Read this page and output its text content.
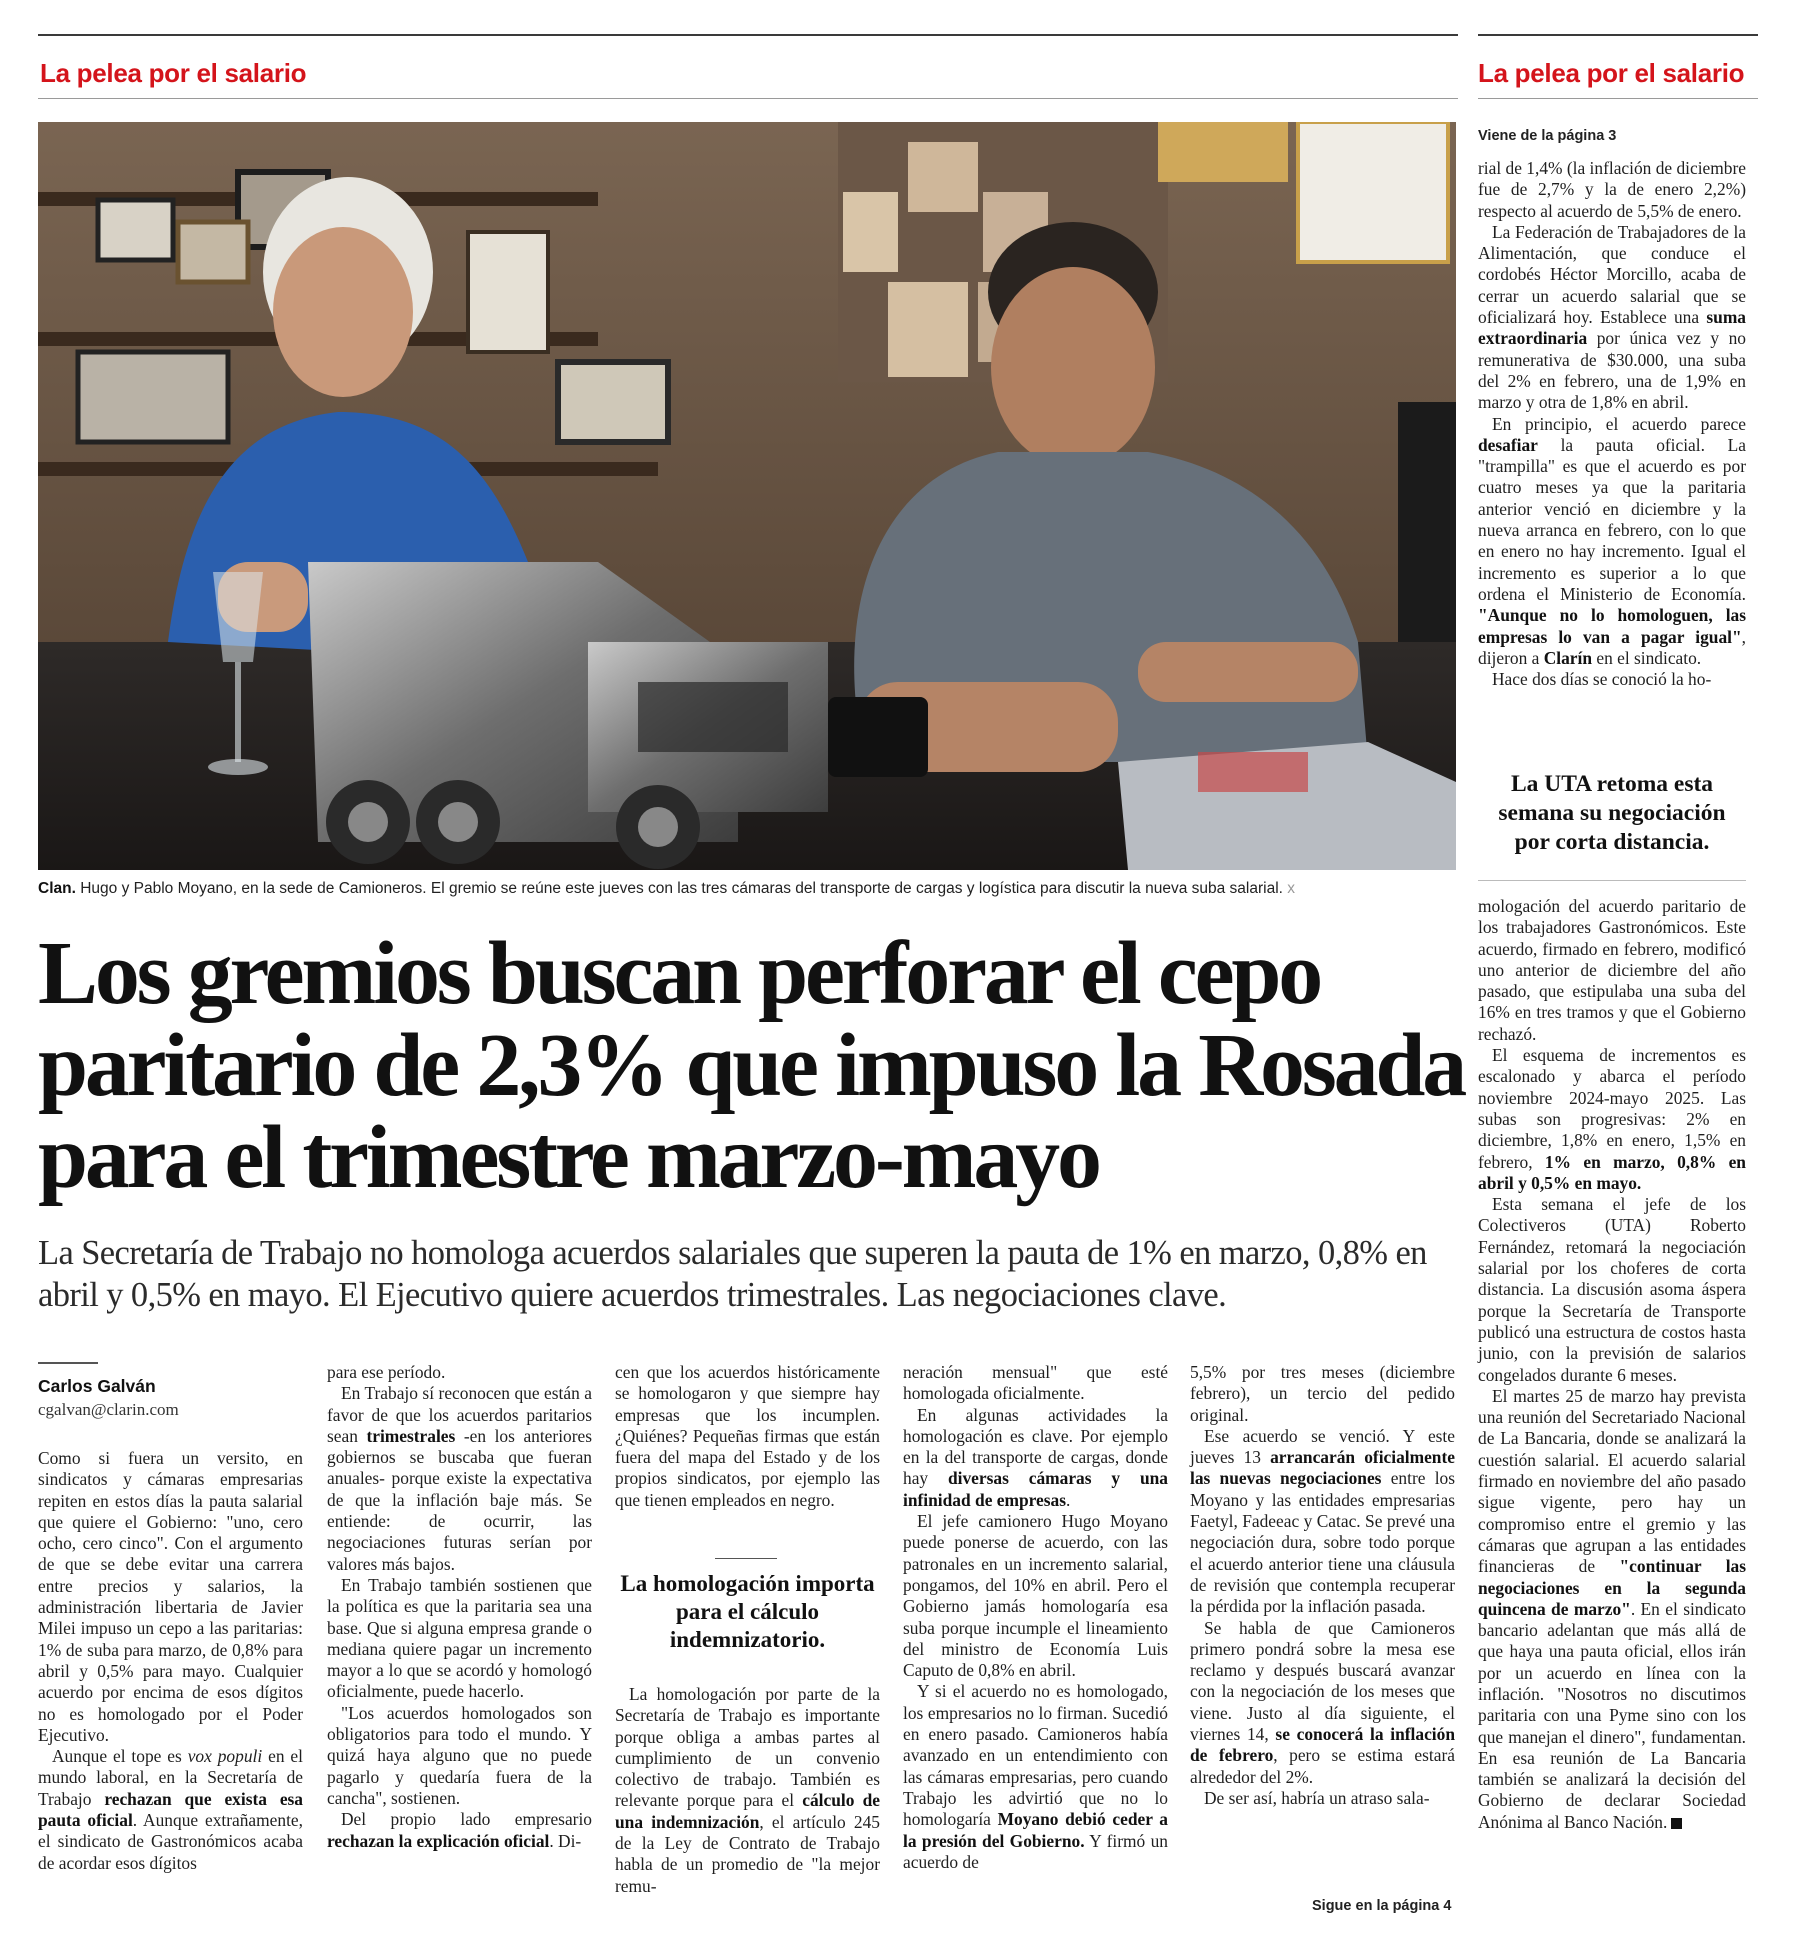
La pelea por el salario	La pelea por el salario
Clan. Hugo y Pablo Moyano, en la sede de Camioneros. El gremio se reúne este jueves con las tres cámaras del transporte de cargas y logística para discutir la nueva suba salarial. x
Los gremios buscan perforar el cepo paritario de 2,3% que impuso la Rosada para el trimestre marzo-mayo

La Secretaría de Trabajo no homologa acuerdos salariales que superen la pauta de 1% en marzo, 0,8% en abril y 0,5% en mayo. El Ejecutivo quiere acuerdos trimestrales. Las negociaciones clave.

Carlos Galván
cgalvan@clarin.com

Como si fuera un versito, en sindicatos y cámaras empresarias repiten en estos días la pauta salarial que quiere el Gobierno: "uno, cero ocho, cero cinco". Con el argumento de que se debe evitar una carrera entre precios y salarios, la administración libertaria de Javier Milei impuso un cepo a las paritarias: 1% de suba para marzo, de 0,8% para abril y 0,5% para mayo. Cualquier acuerdo por encima de esos dígitos no es homologado por el Poder Ejecutivo.

Aunque el tope es vox populi en el mundo laboral, en la Secretaría de Trabajo rechazan que exista esa pauta oficial. Aunque extrañamente, el sindicato de Gastronómicos acaba de acordar esos dígitos

para ese período.

En Trabajo sí reconocen que están a favor de que los acuerdos paritarios sean trimestrales -en los anteriores gobiernos se buscaba que fueran anuales- porque existe la expectativa de que la inflación baje más. Se entiende: de ocurrir, las negociaciones futuras serían por valores más bajos.

En Trabajo también sostienen que la política es que la paritaria sea una base. Que si alguna empresa grande o mediana quiere pagar un incremento mayor a lo que se acordó y homologó oficialmente, puede hacerlo.

"Los acuerdos homologados son obligatorios para todo el mundo. Y quizá haya alguno que no puede pagarlo y quedaría fuera de la cancha", sostienen.

Del propio lado empresario rechazan la explicación oficial. Di-

cen que los acuerdos históricamente se homologaron y que siempre hay empresas que los incumplen. ¿Quiénes? Pequeñas firmas que están fuera del mapa del Estado y de los propios sindicatos, por ejemplo las que tienen empleados en negro.

La homologación importa para el cálculo indemnizatorio.

La homologación por parte de la Secretaría de Trabajo es importante porque obliga a ambas partes al cumplimiento de un convenio colectivo de trabajo. También es relevante porque para el cálculo de una indemnización, el artículo 245 de la Ley de Contrato de Trabajo habla de un promedio de "la mejor remu-

neración mensual" que esté homologada oficialmente.

En algunas actividades la homologación es clave. Por ejemplo en la del transporte de cargas, donde hay diversas cámaras y una infinidad de empresas.

El jefe camionero Hugo Moyano puede ponerse de acuerdo, con las patronales en un incremento salarial, pongamos, del 10% en abril. Pero el Gobierno jamás homologaría esa suba porque incumple el lineamiento del ministro de Economía Luis Caputo de 0,8% en abril.

Y si el acuerdo no es homologado, los empresarios no lo firman. Sucedió en enero pasado. Camioneros había avanzado en un entendimiento con las cámaras empresarias, pero cuando Trabajo les advirtió que no lo homologaría Moyano debió ceder a la presión del Gobierno. Y firmó un acuerdo de

5,5% por tres meses (diciembre febrero), un tercio del pedido original.

Ese acuerdo se venció. Y este jueves 13 arrancarán oficialmente las nuevas negociaciones entre los Moyano y las entidades empresarias Faetyl, Fadeeac y Catac. Se prevé una negociación dura, sobre todo porque el acuerdo anterior tiene una cláusula de revisión que contempla recuperar la pérdida por la inflación pasada.

Se habla de que Camioneros primero pondrá sobre la mesa ese reclamo y después buscará avanzar con la negociación de los meses que viene. Justo al día siguiente, el viernes 14, se conocerá la inflación de febrero, pero se estima estará alrededor del 2%.

De ser así, habría un atraso sala-

Sigue en la página 4
Viene de la página 3

rial de 1,4% (la inflación de diciembre fue de 2,7% y la de enero 2,2%) respecto al acuerdo de 5,5% de enero.

La Federación de Trabajadores de la Alimentación, que conduce el cordobés Héctor Morcillo, acaba de cerrar un acuerdo salarial que se oficializará hoy. Establece una suma extraordinaria por única vez y no remunerativa de $30.000, una suba del 2% en febrero, una de 1,9% en marzo y otra de 1,8% en abril.

En principio, el acuerdo parece desafiar la pauta oficial. La "trampilla" es que el acuerdo es por cuatro meses ya que la paritaria anterior venció en diciembre y la nueva arranca en febrero, con lo que en enero no hay incremento. Igual el incremento es superior a lo que ordena el Ministerio de Economía. "Aunque no lo homologuen, las empresas lo van a pagar igual", dijeron a Clarín en el sindicato.

Hace dos días se conoció la ho-

La UTA retoma esta semana su negociación por corta distancia.

mologación del acuerdo paritario de los trabajadores Gastronómicos. Este acuerdo, firmado en febrero, modificó uno anterior de diciembre del año pasado, que estipulaba una suba del 16% en tres tramos y que el Gobierno rechazó.

El esquema de incrementos es escalonado y abarca el período noviembre 2024-mayo 2025. Las subas son progresivas: 2% en diciembre, 1,8% en enero, 1,5% en febrero, 1% en marzo, 0,8% en abril y 0,5% en mayo.

Esta semana el jefe de los Colectiveros (UTA) Roberto Fernández, retomará la negociación salarial por los choferes de corta distancia. La discusión asoma áspera porque la Secretaría de Transporte publicó una estructura de costos hasta junio, con la previsión de salarios congelados durante 6 meses.

El martes 25 de marzo hay prevista una reunión del Secretariado Nacional de La Bancaria, donde se analizará la cuestión salarial. El acuerdo salarial firmado en noviembre del año pasado sigue vigente, pero hay un compromiso entre el gremio y las cámaras que agrupan a las entidades financieras de "continuar las negociaciones en la segunda quincena de marzo". En el sindicato bancario adelantan que más allá de que haya una pauta oficial, ellos irán por un acuerdo en línea con la inflación. "Nosotros no discutimos paritaria con una Pyme sino con los que manejan el dinero", fundamentan. En esa reunión de La Bancaria también se analizará la decisión del Gobierno de declarar Sociedad Anónima al Banco Nación.
